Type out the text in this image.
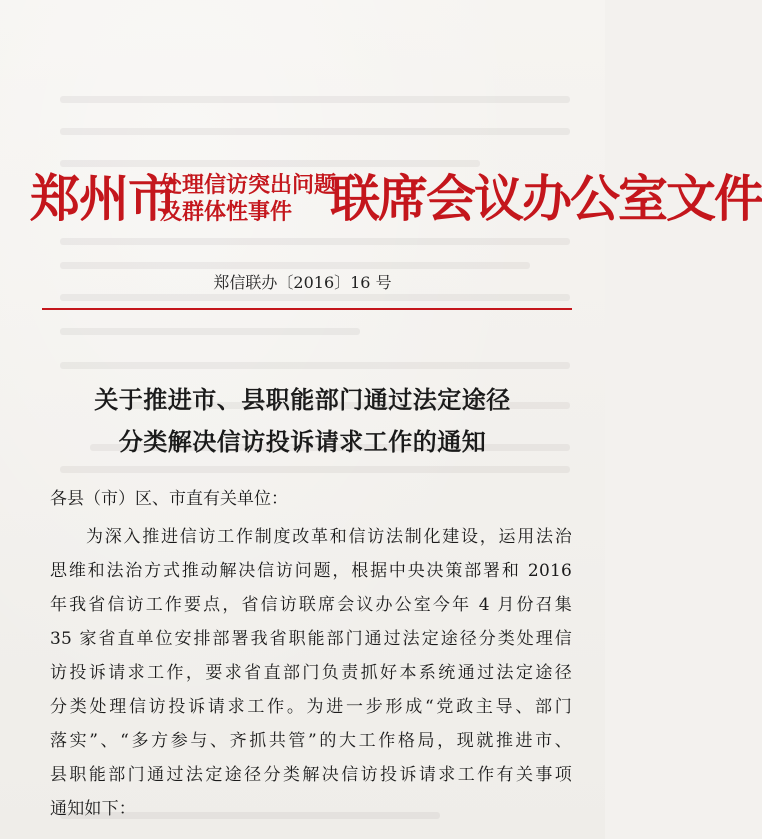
郑州市
处理信访突出问题
及群体性事件 联席会议办公室文件
郑信联办〔2016〕16 号
关于推进市、县职能部门通过法定途径
分类解决信访投诉请求工作的通知
各县（市）区、市直有关单位：
为深入推进信访工作制度改革和信访法制化建设，运用法治
思维和法治方式推动解决信访问题，根据中央决策部署和 2016
年我省信访工作要点，省信访联席会议办公室今年 4 月份召集
35 家省直单位安排部署我省职能部门通过法定途径分类处理信
访投诉请求工作，要求省直部门负责抓好本系统通过法定途径
分类处理信访投诉请求工作。为进一步形成“党政主导、部门
落实”、“多方参与、齐抓共管”的大工作格局，现就推进市、
县职能部门通过法定途径分类解决信访投诉请求工作有关事项
通知如下：
